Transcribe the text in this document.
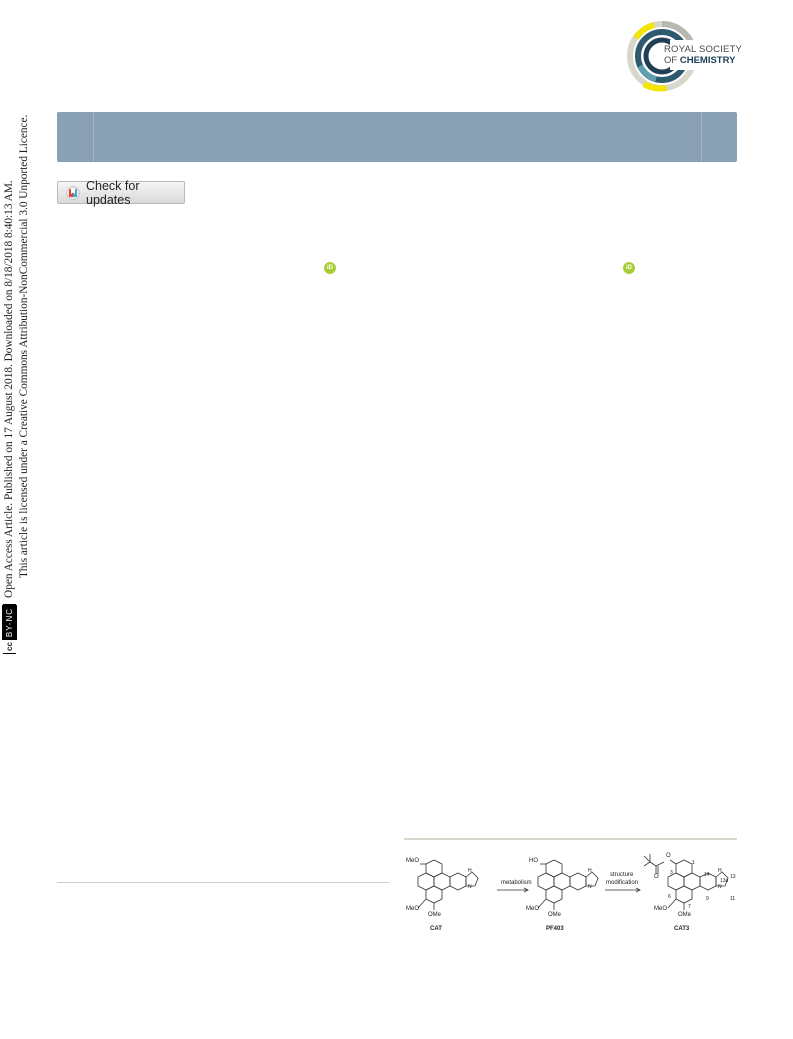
cc
BY-NC
Open Access Article. Published on 17 August 2018. Downloaded on 8/18/2018 8:40:13 AM. This article is licensed under a Creative Commons Attribution-NonCommercial 3.0 Unported Licence.
ROYAL SOCIETY
OF CHEMISTRY
Check for updates
iD	iD
MeO
MeO
OMe
H
N
CAT
metabolism
HO
MeO
OMe
H
N
PF403
structure
modification
O
O
MeO
OMe
H
N
1
3
6
7
9	11
13
14
13a
CAT3
